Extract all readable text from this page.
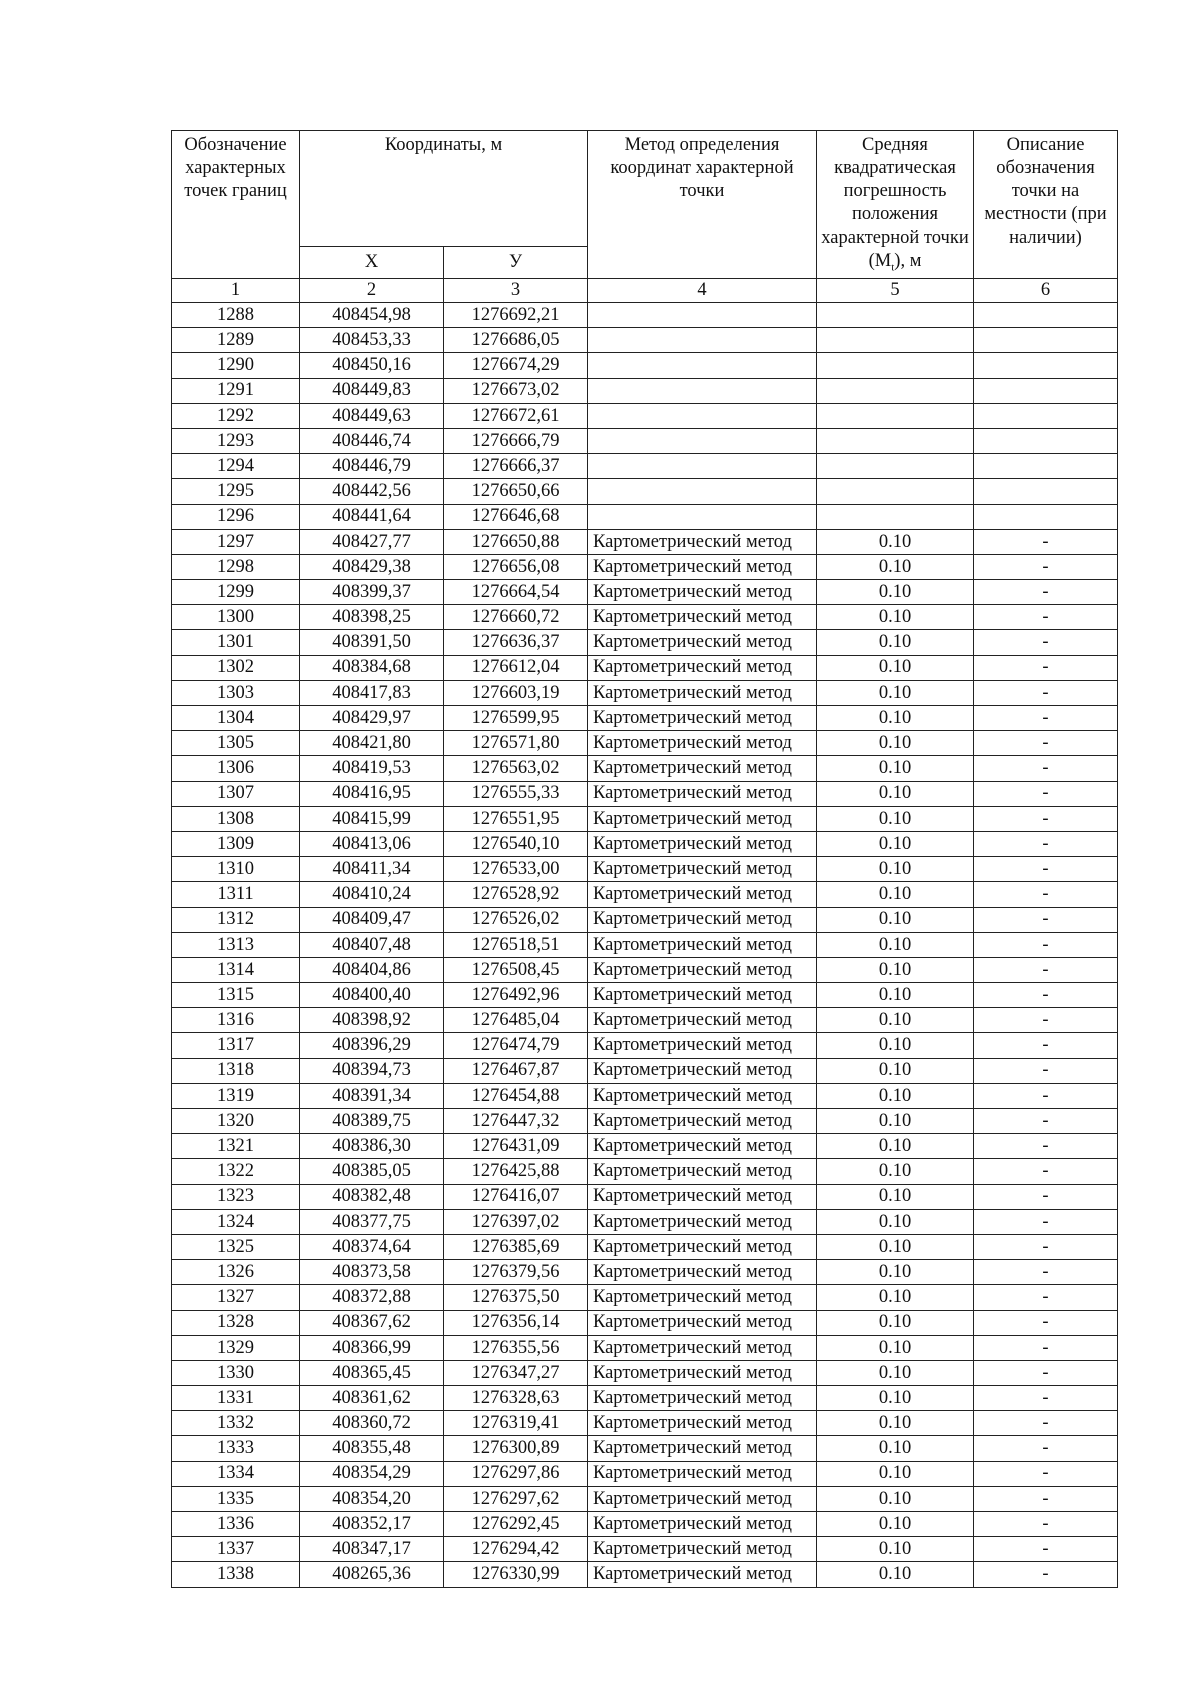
Обозначение характерных точек границ	Координаты, м		Метод определения координат характерной точки	Средняя квадратическая погрешность положения характерной точки $(М_t)$, м	Описание обозначения точки на местности (при наличии)
	Х	У			
1	2	3	4	5	6
1288	408454,98	1276692,21			
1289	408453,33	1276686,05			
1290	408450,16	1276674,29			
1291	408449,83	1276673,02			
1292	408449,63	1276672,61			
1293	408446,74	1276666,79			
1294	408446,79	1276666,37			
1295	408442,56	1276650,66			
1296	408441,64	1276646,68			
1297	408427,77	1276650,88	Картометрический метод	0.10	-
1298	408429,38	1276656,08	Картометрический метод	0.10	-
1299	408399,37	1276664,54	Картометрический метод	0.10	-
1300	408398,25	1276660,72	Картометрический метод	0.10	-
1301	408391,50	1276636,37	Картометрический метод	0.10	-
1302	408384,68	1276612,04	Картометрический метод	0.10	-
1303	408417,83	1276603,19	Картометрический метод	0.10	-
1304	408429,97	1276599,95	Картометрический метод	0.10	-
1305	408421,80	1276571,80	Картометрический метод	0.10	-
1306	408419,53	1276563,02	Картометрический метод	0.10	-
1307	408416,95	1276555,33	Картометрический метод	0.10	-
1308	408415,99	1276551,95	Картометрический метод	0.10	-
1309	408413,06	1276540,10	Картометрический метод	0.10	-
1310	408411,34	1276533,00	Картометрический метод	0.10	-
1311	408410,24	1276528,92	Картометрический метод	0.10	-
1312	408409,47	1276526,02	Картометрический метод	0.10	-
1313	408407,48	1276518,51	Картометрический метод	0.10	-
1314	408404,86	1276508,45	Картометрический метод	0.10	-
1315	408400,40	1276492,96	Картометрический метод	0.10	-
1316	408398,92	1276485,04	Картометрический метод	0.10	-
1317	408396,29	1276474,79	Картометрический метод	0.10	-
1318	408394,73	1276467,87	Картометрический метод	0.10	-
1319	408391,34	1276454,88	Картометрический метод	0.10	-
1320	408389,75	1276447,32	Картометрический метод	0.10	-
1321	408386,30	1276431,09	Картометрический метод	0.10	-
1322	408385,05	1276425,88	Картометрический метод	0.10	-
1323	408382,48	1276416,07	Картометрический метод	0.10	-
1324	408377,75	1276397,02	Картометрический метод	0.10	-
1325	408374,64	1276385,69	Картометрический метод	0.10	-
1326	408373,58	1276379,56	Картометрический метод	0.10	-
1327	408372,88	1276375,50	Картометрический метод	0.10	-
1328	408367,62	1276356,14	Картометрический метод	0.10	-
1329	408366,99	1276355,56	Картометрический метод	0.10	-
1330	408365,45	1276347,27	Картометрический метод	0.10	-
1331	408361,62	1276328,63	Картометрический метод	0.10	-
1332	408360,72	1276319,41	Картометрический метод	0.10	-
1333	408355,48	1276300,89	Картометрический метод	0.10	-
1334	408354,29	1276297,86	Картометрический метод	0.10	-
1335	408354,20	1276297,62	Картометрический метод	0.10	-
1336	408352,17	1276292,45	Картометрический метод	0.10	-
1337	408347,17	1276294,42	Картометрический метод	0.10	-
1338	408265,36	1276330,99	Картометрический метод	0.10	-
